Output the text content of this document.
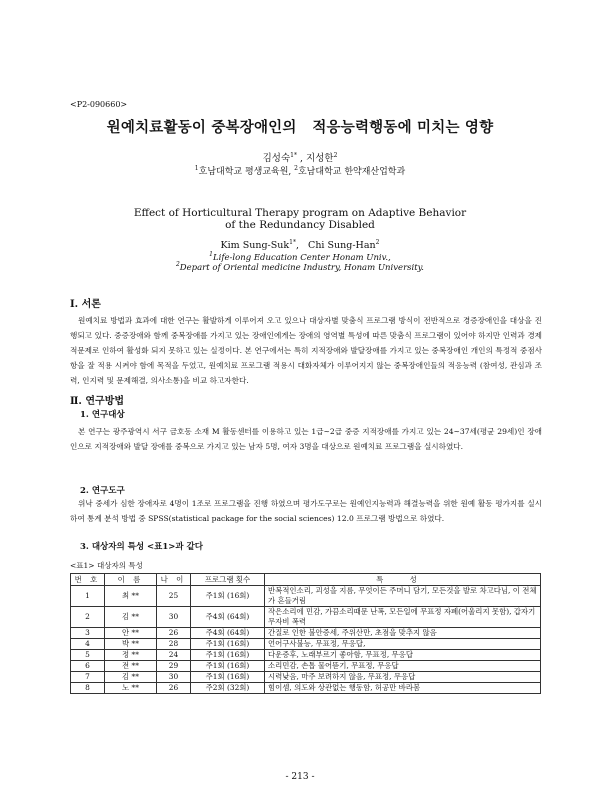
<P2-090660>
원예치료활동이 중복장애인의   적응능력행동에 미치는 영향
김성숙$^{1*}$ , 지성한$^2$
$^1$호남대학교 평생교육원, $^2$호남대학교 한약재산업학과
Effect of Horticultural Therapy program on Adaptive Behavior
of the Redundancy Disabled
Kim Sung-Suk$^{1*}$,   Chi Sung-Han$^2$
$^1$Life-long Education Center Honam Univ.,
$^2$Depart of Oriental medicine Industry, Honam University.
Ⅰ. 서론
원예치료 방법과 효과에 대한 연구는 활발하게 이루어져 오고 있으나 대상자별 맞춤식 프로그램 방식이 전반적으로 경증장애인을 대상을 진행되고 있다. 중증장애와 함께 중복장애를 가지고 있는 장애인에게는 장애의 영역별 특성에 따른 맞춤식 프로그램이 있어야 하지만 인력과 경제적문제로 인하여 활성화 되지 못하고 있는 실정이다. 본 연구에서는 특히 지적장애와 발달장애를 가지고 있는 중복장애인 개인의 특정적 중점사항을 잘 적용 시켜야 함에 목적을 두었고, 원예치료 프로그램 적용시 대화자체가 이루어지지 않는 중복장애인들의 적응능력 (참여성, 관심과 조력, 인지력 및 문제해결, 의사소통)을 비교 하고자한다.
Ⅱ. 연구방법
1. 연구대상
본 연구는 광주광역시 서구 금호동 소재 M 활동센터를 이용하고 있는 1급~2급 중증 지적장애를 가지고 있는 24~37세(평균 29세)인 장애인으로 지적장애와 발달 장애를 중복으로 가지고 있는 남자 5명, 여자 3명을 대상으로 원예치료 프로그램을 실시하였다.
2. 연구도구
위낙 중세가 심한 장애자로 4명이 1조로 프로그램을 진행 하였으며 평가도구로는 원예인지능력과 해결능력을 위한 원예 활동 평가지를 실시하여 통계 분석 방법 중 SPSS(statistical package for the social sciences) 12.0 프로그램 방법으로 하였다.
3. 대상자의 특성 <표1>과 같다
<표1> 대상자의 특성
번 호	이 름	나 이	프로그램 횟수	특 성
1	최 **	25	주1회 (16회)	반복적인소리, 괴성을 지름, 무엇이든 주머니 담기, 모든것을 발로 차고다님, 이 전체가 흔들거림
2	김 **	30	주4회 (64회)	작은소리에 민감, 가끔소리때문 난폭, 모든일에 무표정 자폐(어울리지 못함), 갑자기 무자비 폭력
3	안 **	26	주4회 (64회)	간질로 인한 불안증세, 주위산만, 초점을 맞추지 않음
4	박 **	28	주1회 (16회)	언어구사불능, 무표정, 무응답,
5	정 **	24	주1회 (16회)	다운증후, 노래부르기 좋아함, 무표정, 무응답
6	전 **	29	주1회 (16회)	소리민감, 손톱 물어뜯기, 무표정, 무응답
7	김 **	30	주1회 (16회)	시력낮음, 마주 보려하지 않음, 무표정, 무응답
8	노 **	26	주2회 (32회)	힘이셈, 의도와 상관없는 행동함, 허공만 바라봄
- 213 -
